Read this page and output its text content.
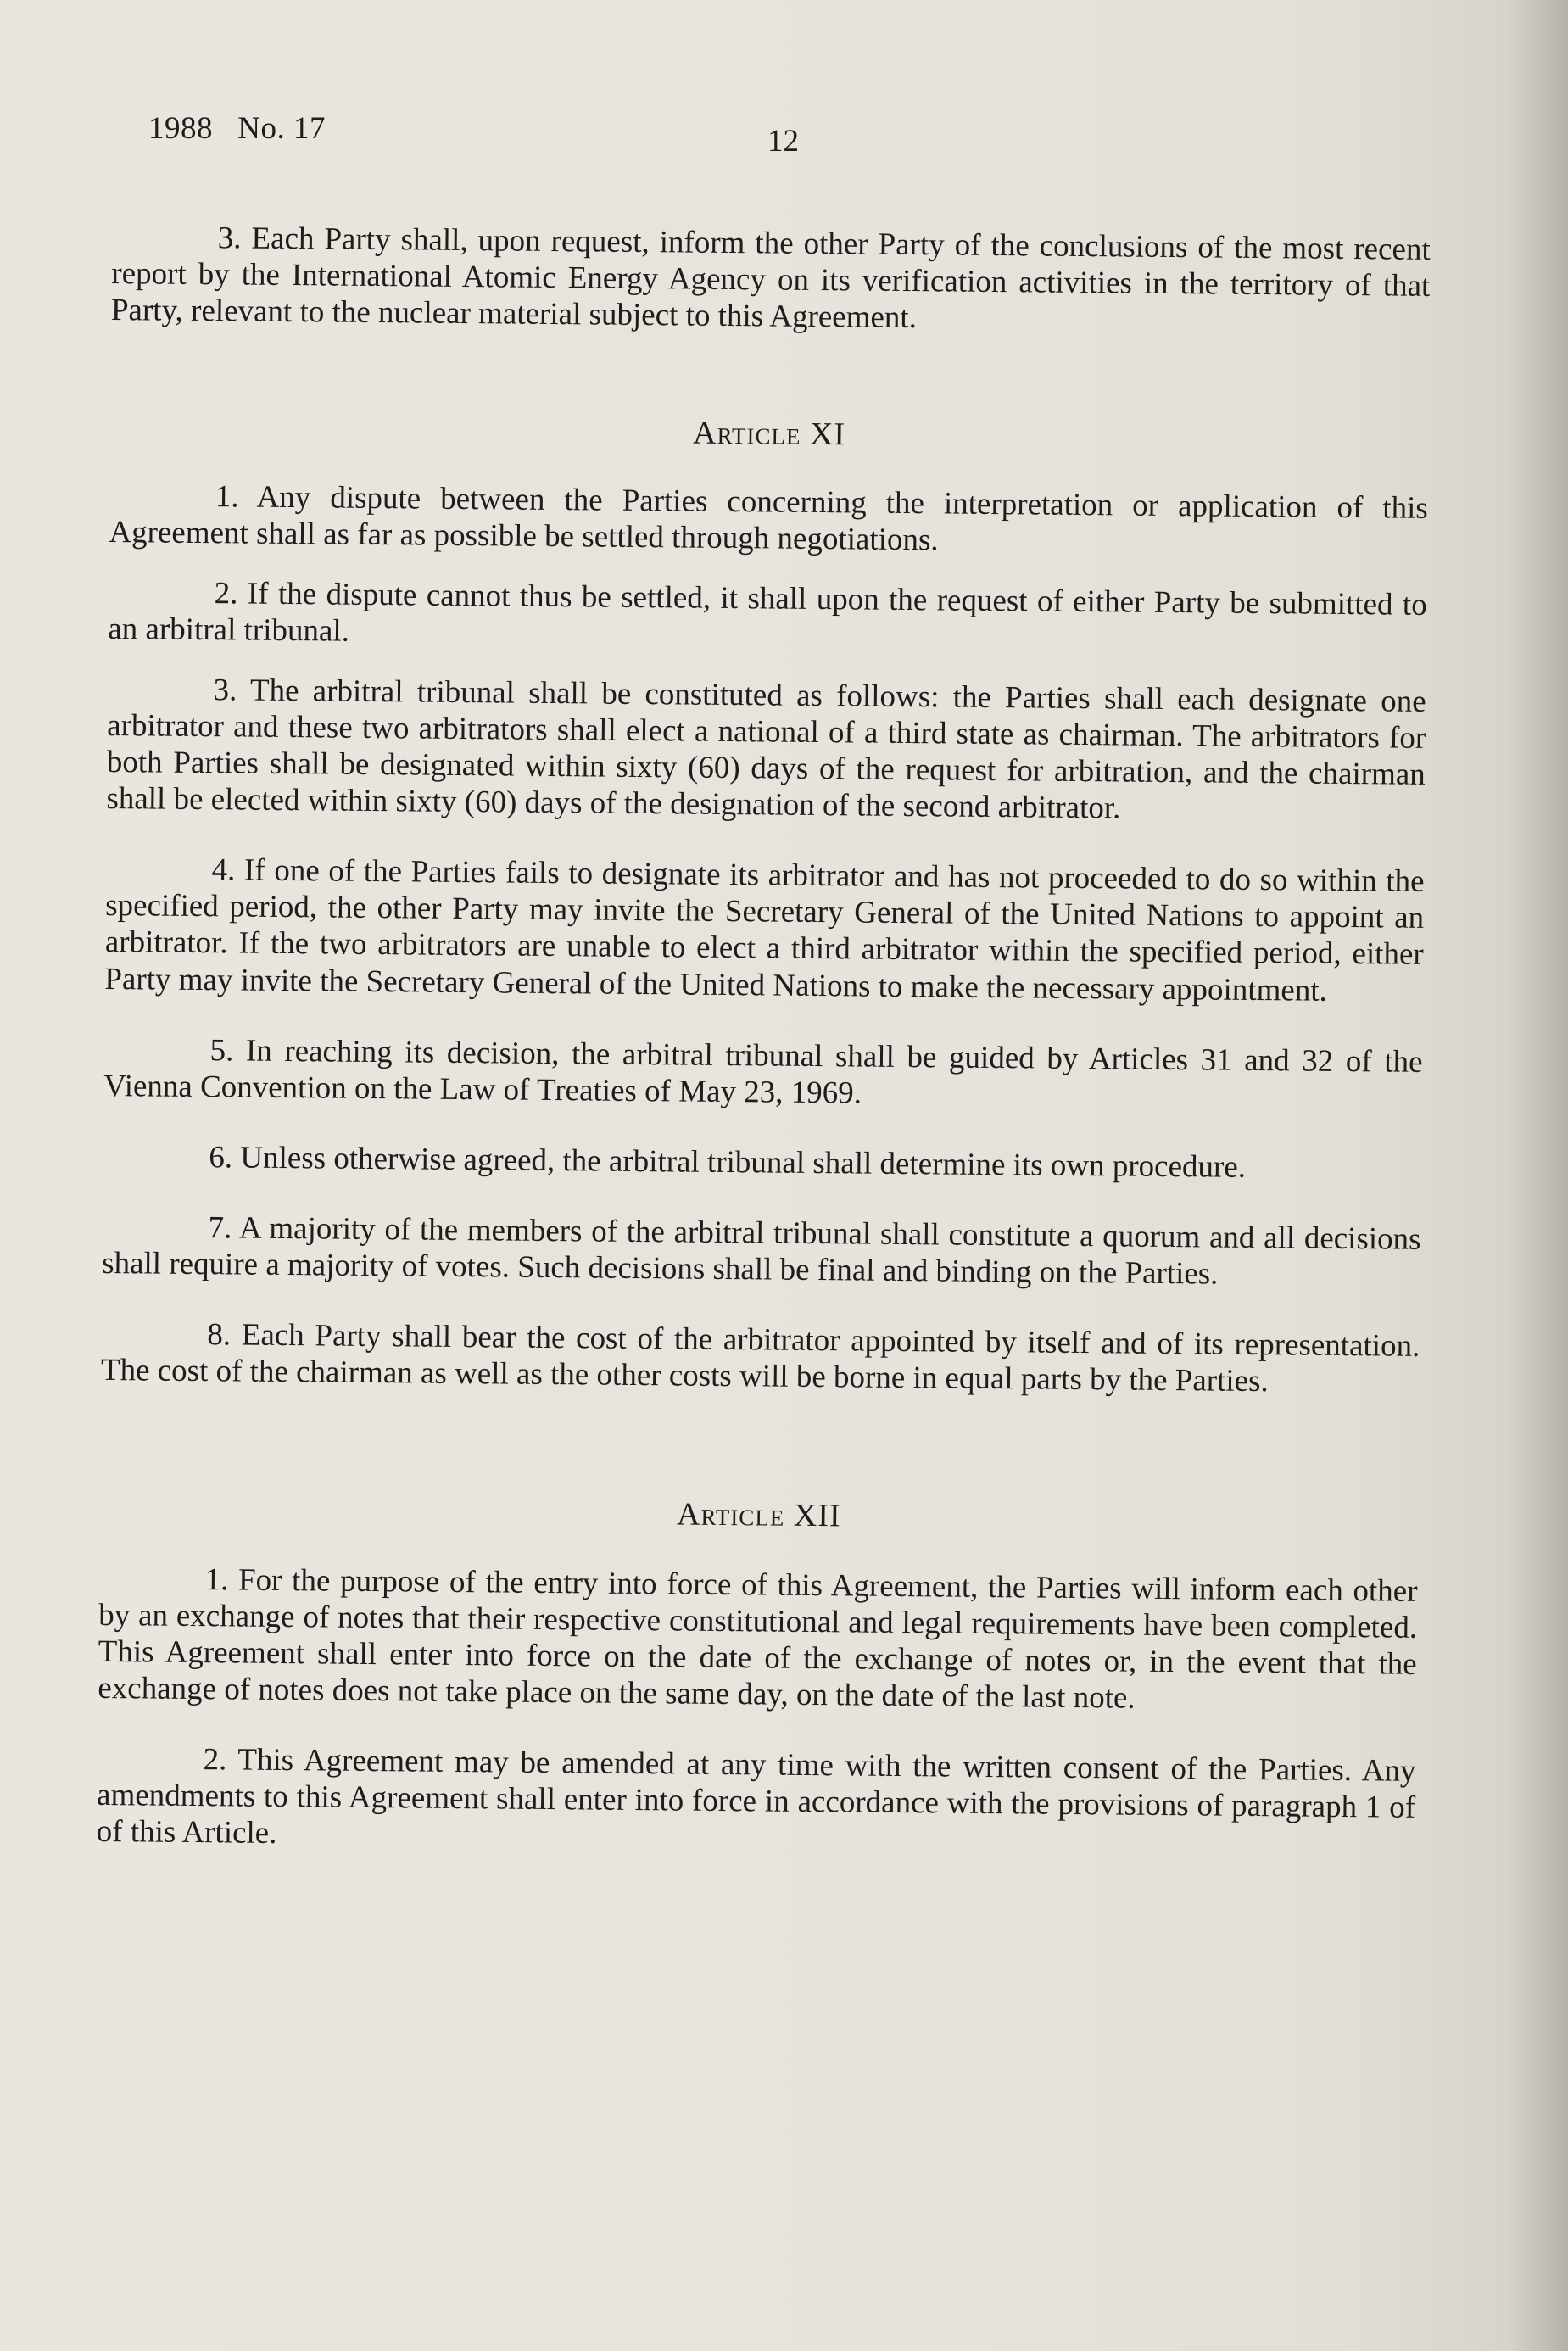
1988   No. 17	12

3. Each Party shall, upon request, inform the other Party of the conclusions of the most recent report by the International Atomic Energy Agency on its verification activities in the territory of that Party, relevant to the nuclear material subject to this Agreement.

Article XI

1. Any dispute between the Parties concerning the interpretation or application of this Agreement shall as far as possible be settled through negotiations.

2. If the dispute cannot thus be settled, it shall upon the request of either Party be submitted to an arbitral tribunal.

3. The arbitral tribunal shall be constituted as follows: the Parties shall each designate one arbitrator and these two arbitrators shall elect a national of a third state as chairman. The arbitrators for both Parties shall be designated within sixty (60) days of the request for arbitration, and the chairman shall be elected within sixty (60) days of the designation of the second arbitrator.

4. If one of the Parties fails to designate its arbitrator and has not proceeded to do so within the specified period, the other Party may invite the Secretary General of the United Nations to appoint an arbitrator. If the two arbitrators are unable to elect a third arbitrator within the specified period, either Party may invite the Secretary General of the United Nations to make the necessary appointment.

5. In reaching its decision, the arbitral tribunal shall be guided by Articles 31 and 32 of the Vienna Convention on the Law of Treaties of May 23, 1969.

6. Unless otherwise agreed, the arbitral tribunal shall determine its own procedure.

7. A majority of the members of the arbitral tribunal shall constitute a quorum and all decisions shall require a majority of votes. Such decisions shall be final and binding on the Parties.

8. Each Party shall bear the cost of the arbitrator appointed by itself and of its representation. The cost of the chairman as well as the other costs will be borne in equal parts by the Parties.

Article XII

1. For the purpose of the entry into force of this Agreement, the Parties will inform each other by an exchange of notes that their respective constitutional and legal requirements have been completed. This Agreement shall enter into force on the date of the exchange of notes or, in the event that the exchange of notes does not take place on the same day, on the date of the last note.

2. This Agreement may be amended at any time with the written consent of the Parties. Any amendments to this Agreement shall enter into force in accordance with the provisions of paragraph 1 of of this Article.
